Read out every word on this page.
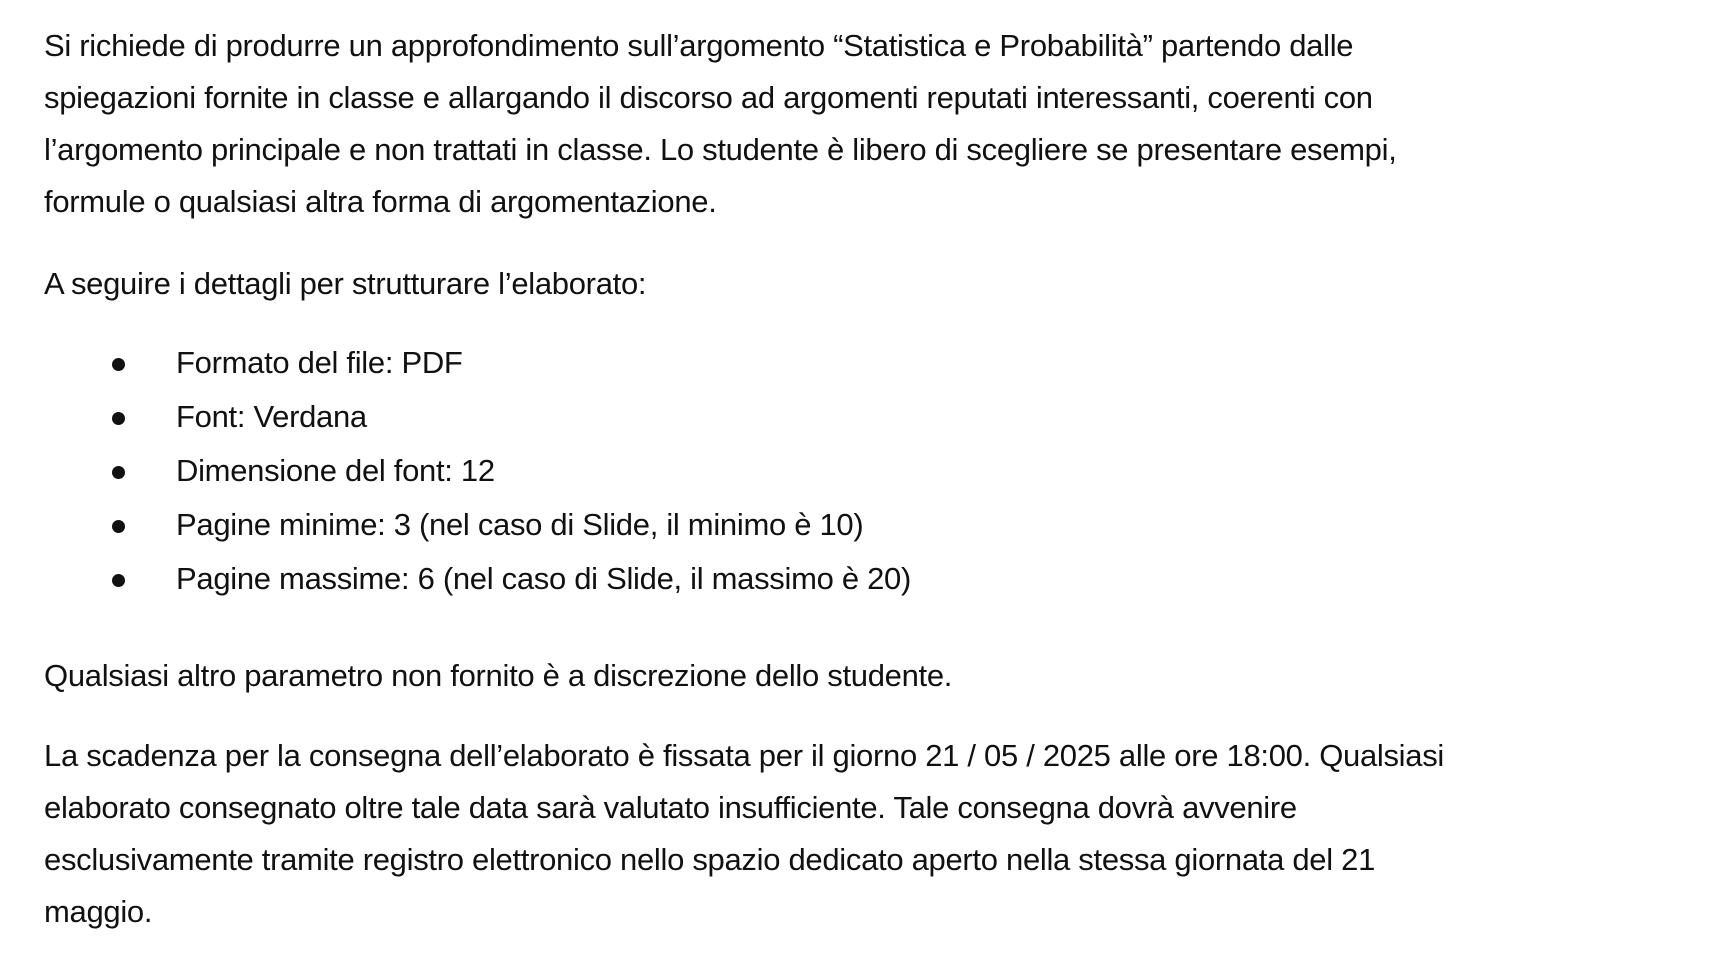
Si richiede di produrre un approfondimento sull’argomento “Statistica e Probabilità” partendo dalle
spiegazioni fornite in classe e allargando il discorso ad argomenti reputati interessanti, coerenti con
l’argomento principale e non trattati in classe. Lo studente è libero di scegliere se presentare esempi,
formule o qualsiasi altra forma di argomentazione.

A seguire i dettagli per strutturare l’elaborato:

Formato del file: PDF
Font: Verdana
Dimensione del font: 12
Pagine minime: 3 (nel caso di Slide, il minimo è 10)
Pagine massime: 6 (nel caso di Slide, il massimo è 20)

Qualsiasi altro parametro non fornito è a discrezione dello studente.

La scadenza per la consegna dell’elaborato è fissata per il giorno 21 / 05 / 2025 alle ore 18:00. Qualsiasi
elaborato consegnato oltre tale data sarà valutato insufficiente. Tale consegna dovrà avvenire
esclusivamente tramite registro elettronico nello spazio dedicato aperto nella stessa giornata del 21
maggio.
